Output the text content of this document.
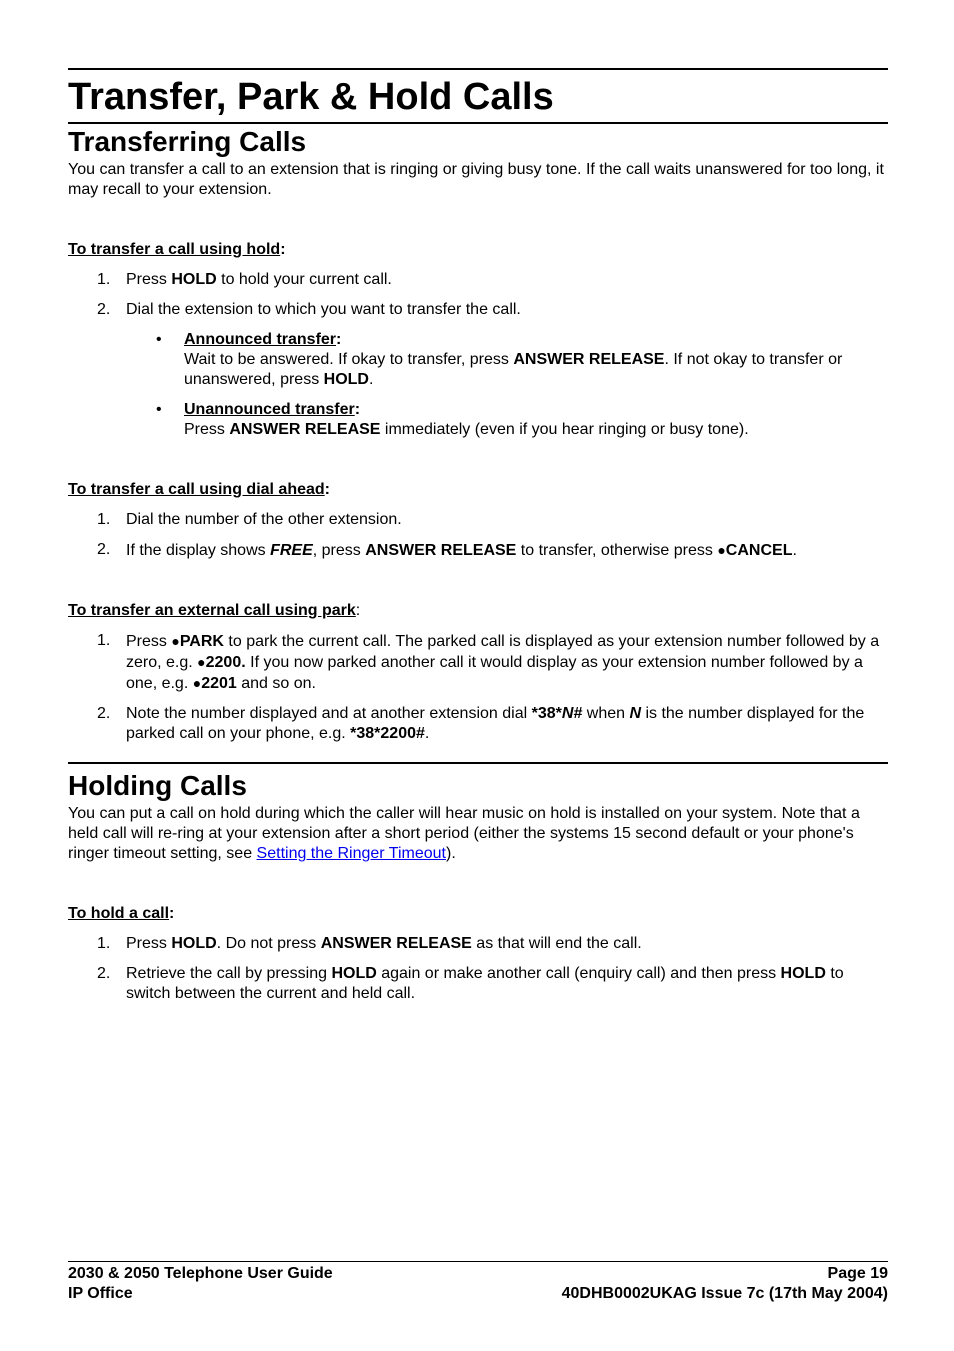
Transfer, Park & Hold Calls
Transferring Calls

You can transfer a call to an extension that is ringing or giving busy tone. If the call waits unanswered for too long, it may recall to your extension.

To transfer a call using hold:

1. Press HOLD to hold your current call.
2. Dial the extension to which you want to transfer the call.
• Announced transfer:
Wait to be answered. If okay to transfer, press ANSWER RELEASE. If not okay to transfer or unanswered, press HOLD.
• Unannounced transfer:
Press ANSWER RELEASE immediately (even if you hear ringing or busy tone).

To transfer a call using dial ahead:

1. Dial the number of the other extension.
2. If the display shows FREE, press ANSWER RELEASE to transfer, otherwise press ●CANCEL.

To transfer an external call using park:

1. Press ●PARK to park the current call. The parked call is displayed as your extension number followed by a zero, e.g. ●2200. If you now parked another call it would display as your extension number followed by a one, e.g. ●2201 and so on.
2. Note the number displayed and at another extension dial *38*N# when N is the number displayed for the parked call on your phone, e.g. *38*2200#.
Holding Calls

You can put a call on hold during which the caller will hear music on hold is installed on your system. Note that a held call will re-ring at your extension after a short period (either the systems 15 second default or your phone's ringer timeout setting, see Setting the Ringer Timeout).

To hold a call:

1. Press HOLD. Do not press ANSWER RELEASE as that will end the call.
2. Retrieve the call by pressing HOLD again or make another call (enquiry call) and then press HOLD to switch between the current and held call.
2030 & 2050 Telephone User Guide	Page 19
IP Office	40DHB0002UKAG Issue 7c (17th May 2004)
